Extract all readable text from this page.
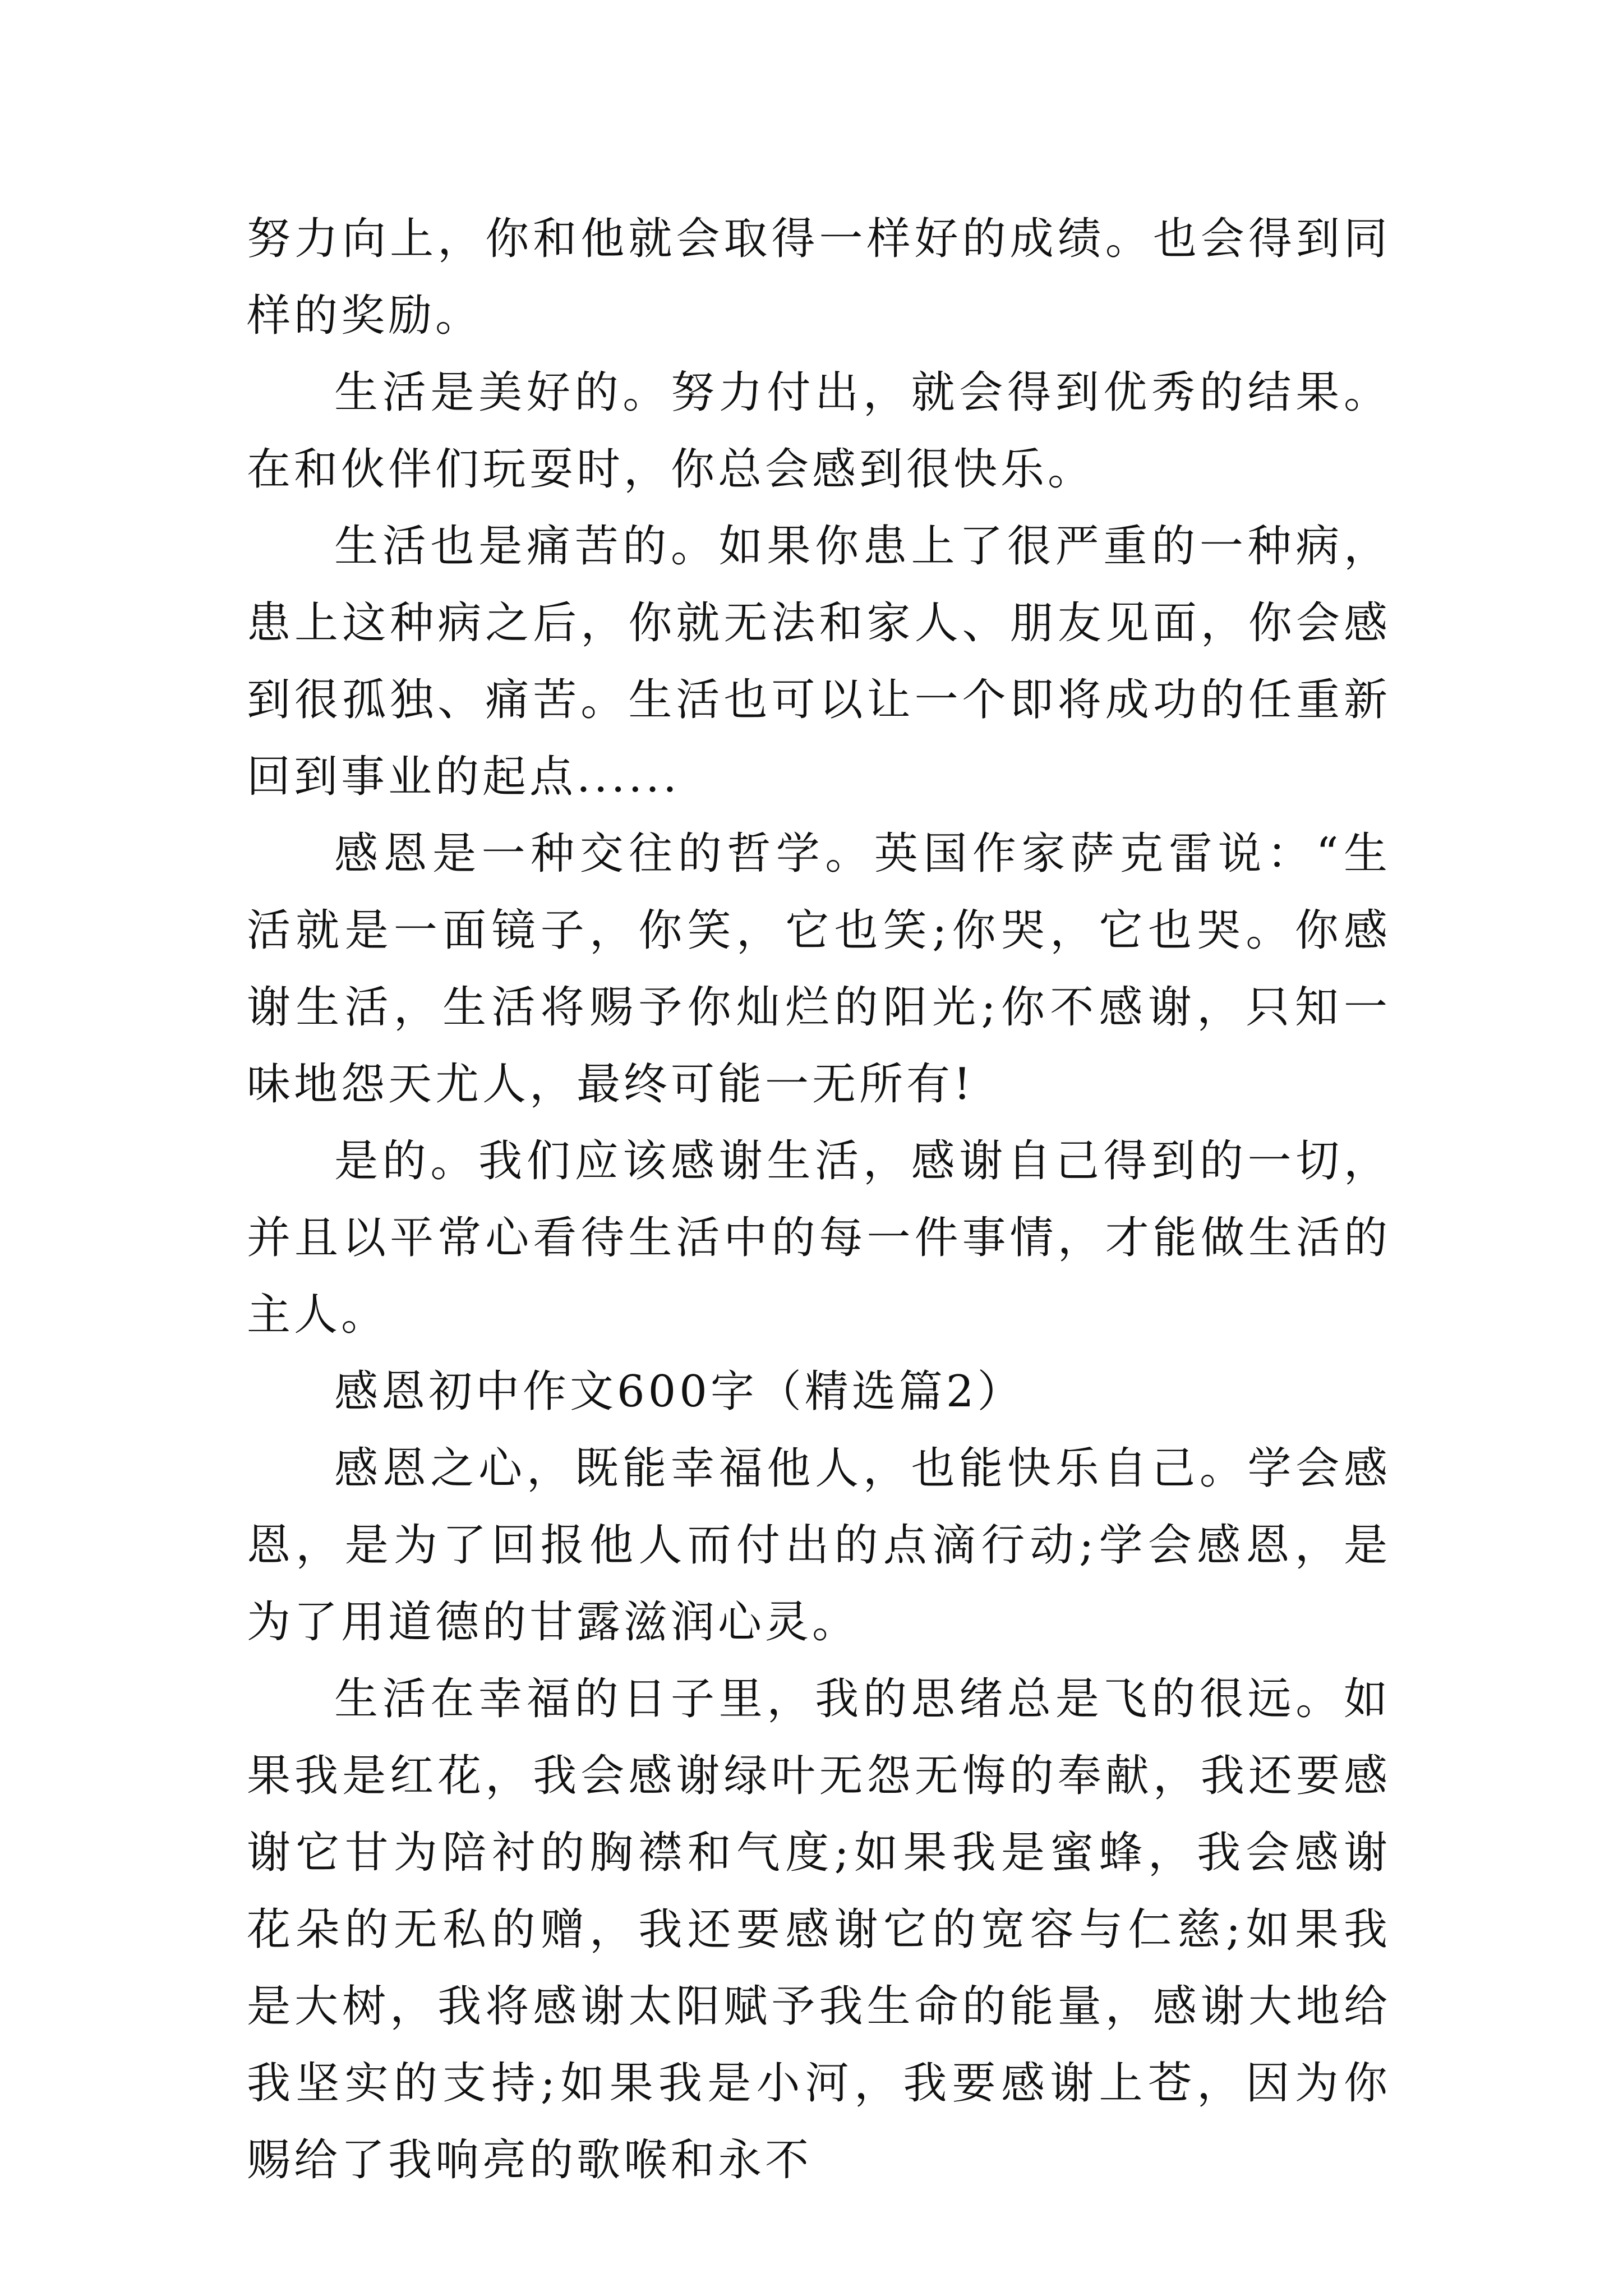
努力向上，你和他就会取得一样好的成绩。也会得到同样的奖励。

生活是美好的。努力付出，就会得到优秀的结果。在和伙伴们玩耍时，你总会感到很快乐。

生活也是痛苦的。如果你患上了很严重的一种病，患上这种病之后，你就无法和家人、朋友见面，你会感到很孤独、痛苦。生活也可以让一个即将成功的任重新回到事业的起点......

感恩是一种交往的哲学。英国作家萨克雷说：“生活就是一面镜子，你笑，它也笑;你哭，它也哭。你感谢生活，生活将赐予你灿烂的阳光;你不感谢，只知一味地怨天尤人，最终可能一无所有!

是的。我们应该感谢生活，感谢自己得到的一切，并且以平常心看待生活中的每一件事情，才能做生活的主人。

感恩初中作文600字（精选篇2）

感恩之心，既能幸福他人，也能快乐自己。学会感恩，是为了回报他人而付出的点滴行动;学会感恩，是为了用道德的甘露滋润心灵。

生活在幸福的日子里，我的思绪总是飞的很远。如果我是红花，我会感谢绿叶无怨无悔的奉献，我还要感谢它甘为陪衬的胸襟和气度;如果我是蜜蜂，我会感谢花朵的无私的赠，我还要感谢它的宽容与仁慈;如果我是大树，我将感谢太阳赋予我生命的能量，感谢大地给我坚实的支持;如果我是小河，我要感谢上苍，因为你赐给了我响亮的歌喉和永不
